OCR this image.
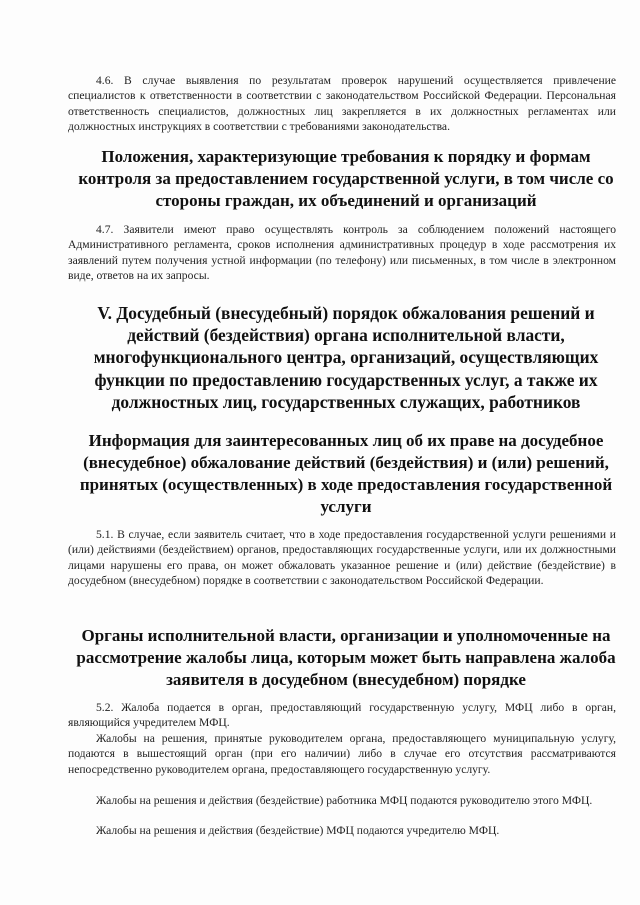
4.6. В случае выявления по результатам проверок нарушений осуществляется привлечение специалистов к ответственности в соответствии с законодательством Российской Федерации. Персональная ответственность специалистов, должностных лиц закрепляется в их должностных регламентах или должностных инструкциях в соответствии с требованиями законодательства.

Положения, характеризующие требования к порядку и формам контроля за предоставлением государственной услуги, в том числе со стороны граждан, их объединений и организаций

4.7. Заявители имеют право осуществлять контроль за соблюдением положений настоящего Административного регламента, сроков исполнения административных процедур в ходе рассмотрения их заявлений путем получения устной информации (по телефону) или письменных, в том числе в электронном виде, ответов на их запросы.

V. Досудебный (внесудебный) порядок обжалования решений и действий (бездействия) органа исполнительной власти, многофункционального центра, организаций, осуществляющих функции по предоставлению государственных услуг, а также их должностных лиц, государственных служащих, работников

Информация для заинтересованных лиц об их праве на досудебное (внесудебное) обжалование действий (бездействия) и (или) решений, принятых (осуществленных) в ходе предоставления государственной услуги

5.1. В случае, если заявитель считает, что в ходе предоставления государственной услуги решениями и (или) действиями (бездействием) органов, предоставляющих государственные услуги, или их должностными лицами нарушены его права, он может обжаловать указанное решение и (или) действие (бездействие) в досудебном (внесудебном) порядке в соответствии с законодательством Российской Федерации.

Органы исполнительной власти, организации и уполномоченные на рассмотрение жалобы лица, которым может быть направлена жалоба заявителя в досудебном (внесудебном) порядке

5.2. Жалоба подается в орган, предоставляющий государственную услугу, МФЦ либо в орган, являющийся учредителем МФЦ.

Жалобы на решения, принятые руководителем органа, предоставляющего муниципальную услугу, подаются в вышестоящий орган (при его наличии) либо в случае его отсутствия рассматриваются непосредственно руководителем органа, предоставляющего государственную услугу.

Жалобы на решения и действия (бездействие) работника МФЦ подаются руководителю этого МФЦ.

Жалобы на решения и действия (бездействие) МФЦ подаются учредителю МФЦ.
